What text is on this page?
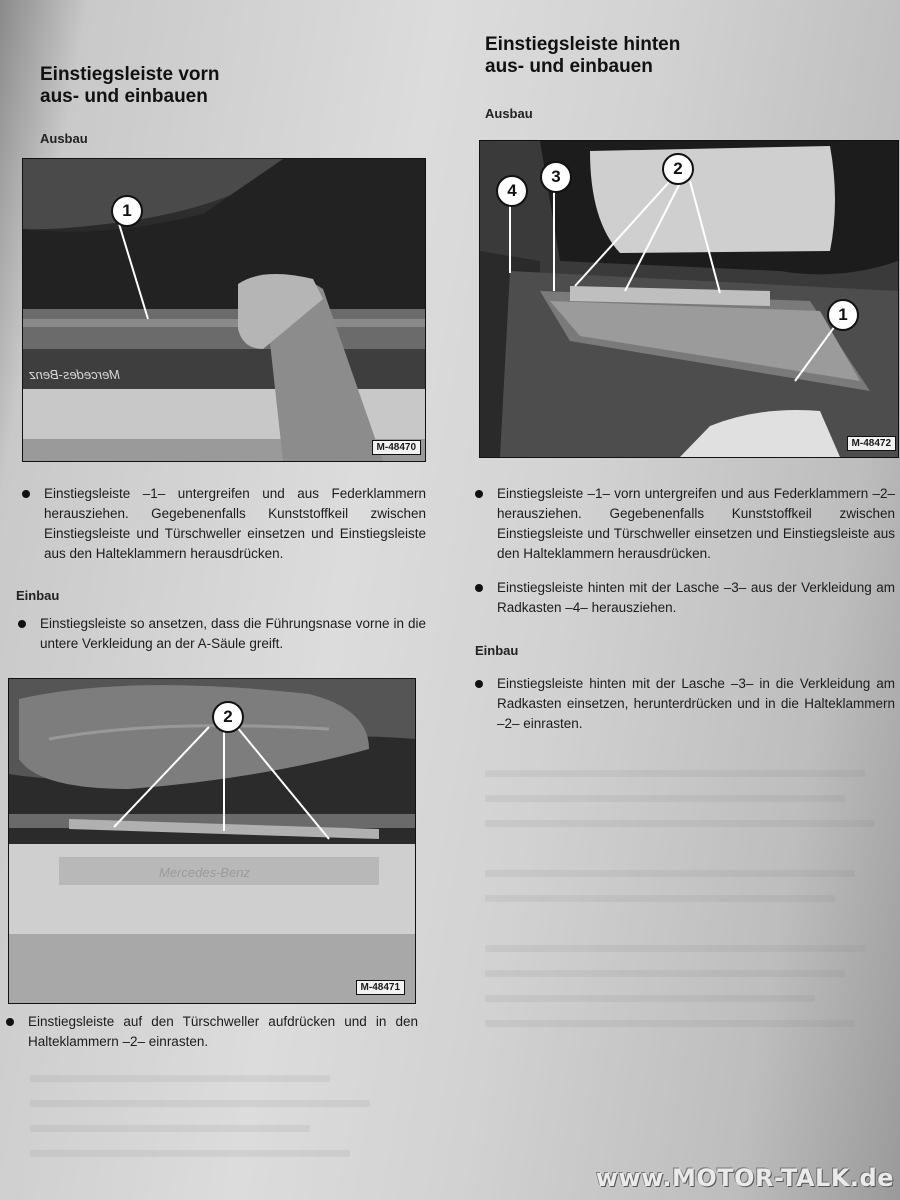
Einstiegsleiste vorn
aus- und einbauen
Ausbau
1
Mercedes-Benz
M-48470
Einstiegsleiste –1– untergreifen und aus Federklammern herausziehen. Gegebenenfalls Kunststoffkeil zwischen Einstiegsleiste und Türschweller einsetzen und Einstiegsleiste aus den Halteklammern herausdrücken.
Einbau
Einstiegsleiste so ansetzen, dass die Führungsnase vorne in die untere Verkleidung an der A-Säule greift.
2
Mercedes-Benz
M-48471
Einstiegsleiste auf den Türschweller aufdrücken und in den Halteklammern –2– einrasten.
Einstiegsleiste hinten
aus- und einbauen
Ausbau
4
3	2
1
M-48472
Einstiegsleiste –1– vorn untergreifen und aus Federklammern –2– herausziehen. Gegebenenfalls Kunststoffkeil zwischen Einstiegsleiste und Türschweller einsetzen und Einstiegsleiste aus den Halteklammern herausdrücken.
Einstiegsleiste hinten mit der Lasche –3– aus der Verkleidung am Radkasten –4– herausziehen.
Einbau
Einstiegsleiste hinten mit der Lasche –3– in die Verkleidung am Radkasten einsetzen, herunterdrücken und in die Halteklammern –2– einrasten.
www.MOTOR-TALK.de
